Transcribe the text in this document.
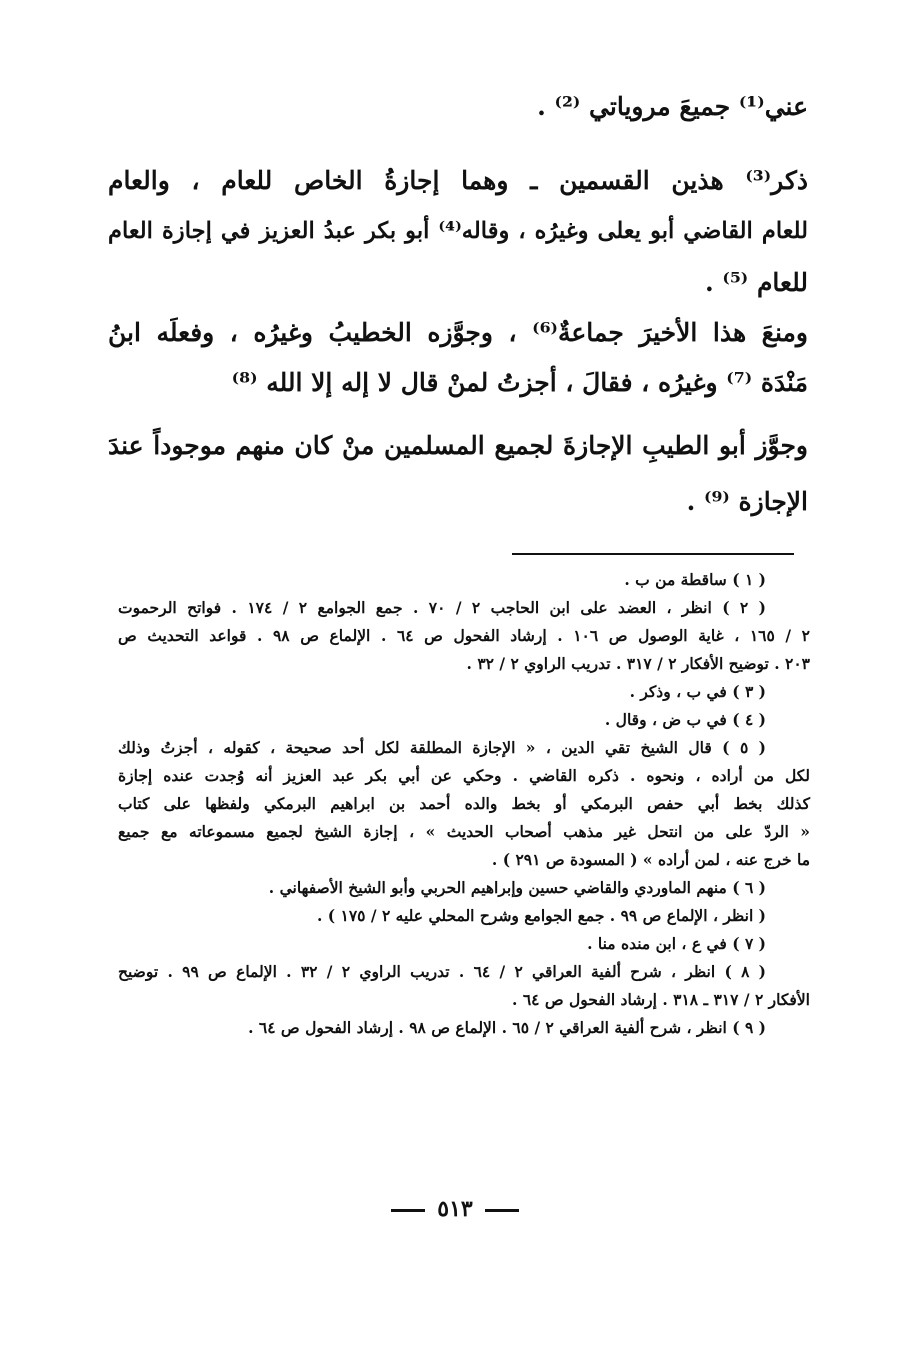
عني⁽¹⁾ جميعَ مروياتي ⁽²⁾ .

ذكر⁽³⁾ هذين القسمين ـ وهما إجازةُ الخاص للعام ، والعام

للعام القاضي أبو يعلى وغيرُه ، وقاله⁽⁴⁾ أبو بكر عبدُ العزيز في إجازة العام

للعام ⁽⁵⁾ .

ومنعَ هذا الأخيرَ جماعةٌ⁽⁶⁾ ، وجوَّزه الخطيبُ وغيرُه ، وفعلَه ابنُ

مَنْدَة ⁽⁷⁾ وغيرُه ، فقالَ ، أجزتُ لمنْ قال لا إله إلا الله ⁽⁸⁾

وجوَّز أبو الطيبِ الإجازةَ لجميع المسلمين منْ كان منهم موجوداً عندَ

الإجازة ⁽⁹⁾ .

( ١ ) ساقطة من ب .

( ٢ ) انظر ، العضد على ابن الحاجب ٢ / ٧٠ . جمع الجوامع ٢ / ١٧٤ . فواتح الرحموت

٢ / ١٦٥ ، غاية الوصول ص ١٠٦ . إرشاد الفحول ص ٦٤ . الإلماع ص ٩٨ . قواعد التحديث ص

٢٠٣ . توضيح الأفكار ٢ / ٣١٧ . تدريب الراوي ٢ / ٣٢ .

( ٣ ) في ب ، وذكر .

( ٤ ) في ب ض ، وقال .

( ٥ ) قال الشيخ تقي الدين ، « الإجازة المطلقة لكل أحد صحيحة ، كقوله ، أجزتُ وذلك

لكل من أراده ، ونحوه . ذكره القاضي . وحكي عن أبي بكر عبد العزيز أنه وُجدت عنده إجازة

كذلك بخط أبي حفص البرمكي أو بخط والده أحمد بن ابراهيم البرمكي ولفظها على كتاب

« الردّ على من انتحل غير مذهب أصحاب الحديث » ، إجازة الشيخ لجميع مسموعاته مع جميع

ما خرج عنه ، لمن أراده » ( المسودة ص ٢٩١ ) .

( ٦ ) منهم الماوردي والقاضي حسين وإبراهيم الحربي وأبو الشيخ الأصفهاني .

( انظر ، الإلماع ص ٩٩ . جمع الجوامع وشرح المحلي عليه ٢ / ١٧٥ ) .

( ٧ ) في ع ، ابن منده منا .

( ٨ ) انظر ، شرح ألفية العراقي ٢ / ٦٤ . تدريب الراوي ٢ / ٣٢ . الإلماع ص ٩٩ . توضيح

الأفكار ٢ / ٣١٧ ـ ٣١٨ . إرشاد الفحول ص ٦٤ .

( ٩ ) انظر ، شرح ألفية العراقي ٢ / ٦٥ . الإلماع ص ٩٨ . إرشاد الفحول ص ٦٤ .

٥١٣
